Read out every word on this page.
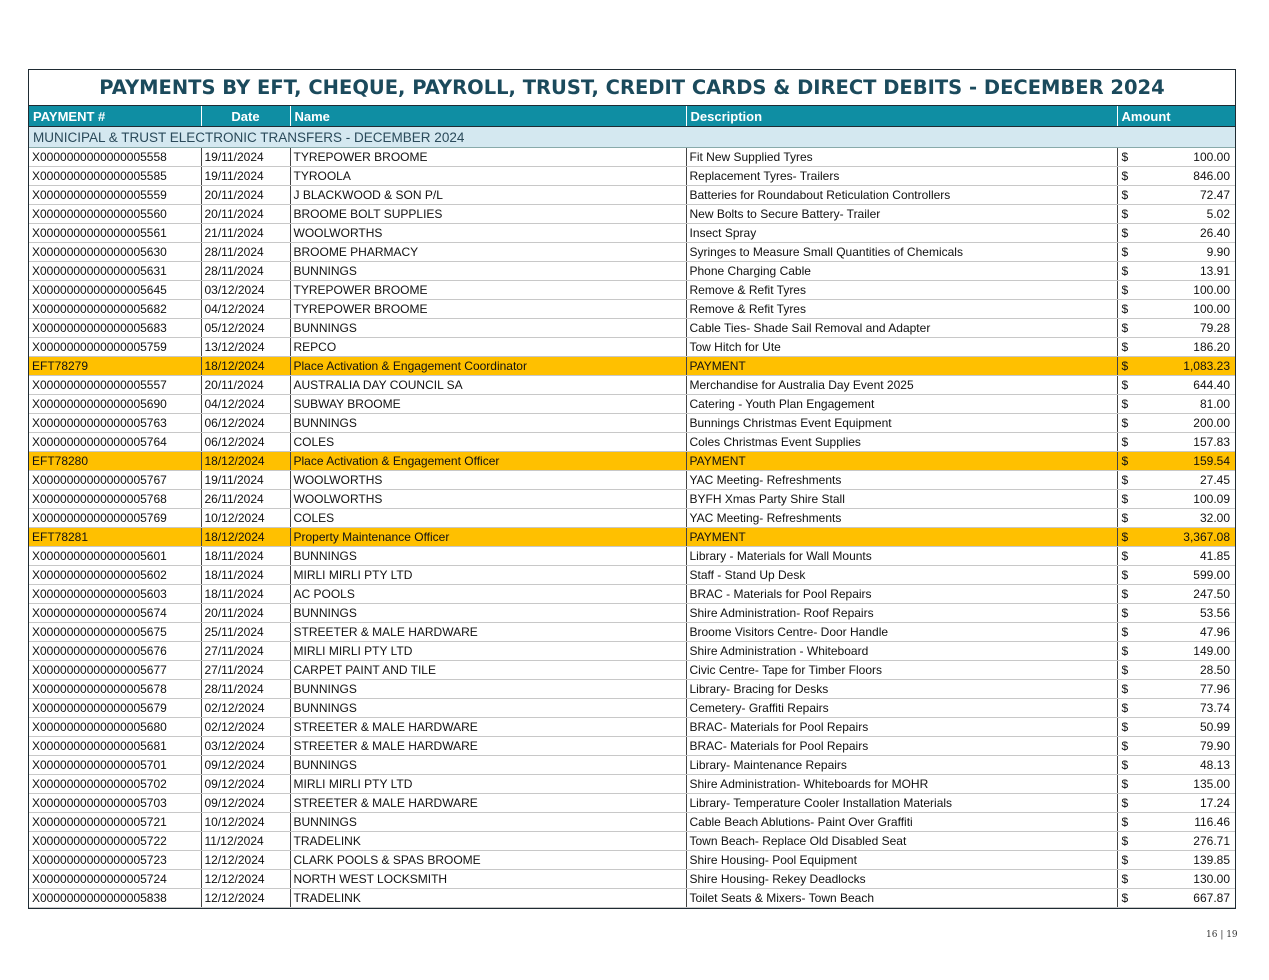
PAYMENTS BY EFT, CHEQUE, PAYROLL, TRUST, CREDIT CARDS & DIRECT DEBITS - DECEMBER 2024
PAYMENT #	Date	Name	Description	Amount
MUNICIPAL & TRUST ELECTRONIC TRANSFERS - DECEMBER 2024				
X0000000000000005558	19/11/2024	TYREPOWER BROOME	Fit New Supplied Tyres	$ 100.00

X0000000000000005585	19/11/2024	TYROOLA	Replacement Tyres- Trailers	$ 846.00

X0000000000000005559	20/11/2024	J BLACKWOOD & SON P/L	Batteries for Roundabout Reticulation Controllers	$ 72.47

X0000000000000005560	20/11/2024	BROOME BOLT SUPPLIES	New Bolts to Secure Battery- Trailer	$ 5.02

X0000000000000005561	21/11/2024	WOOLWORTHS	Insect Spray	$ 26.40

X0000000000000005630	28/11/2024	BROOME PHARMACY	Syringes to Measure Small Quantities of Chemicals	$ 9.90

X0000000000000005631	28/11/2024	BUNNINGS	Phone Charging Cable	$ 13.91

X0000000000000005645	03/12/2024	TYREPOWER BROOME	Remove & Refit Tyres	$ 100.00

X0000000000000005682	04/12/2024	TYREPOWER BROOME	Remove & Refit Tyres	$ 100.00

X0000000000000005683	05/12/2024	BUNNINGS	Cable Ties- Shade Sail Removal and Adapter	$ 79.28

X0000000000000005759	13/12/2024	REPCO	Tow Hitch for Ute	$ 186.20

EFT78279	18/12/2024	Place Activation & Engagement Coordinator	PAYMENT	$ 1,083.23

X0000000000000005557	20/11/2024	AUSTRALIA DAY COUNCIL SA	Merchandise for Australia Day Event 2025	$ 644.40

X0000000000000005690	04/12/2024	SUBWAY BROOME	Catering - Youth Plan Engagement	$ 81.00

X0000000000000005763	06/12/2024	BUNNINGS	Bunnings Christmas Event Equipment	$ 200.00

X0000000000000005764	06/12/2024	COLES	Coles Christmas Event Supplies	$ 157.83

EFT78280	18/12/2024	Place Activation & Engagement Officer	PAYMENT	$ 159.54

X0000000000000005767	19/11/2024	WOOLWORTHS	YAC Meeting- Refreshments	$ 27.45

X0000000000000005768	26/11/2024	WOOLWORTHS	BYFH Xmas Party Shire Stall	$ 100.09

X0000000000000005769	10/12/2024	COLES	YAC Meeting- Refreshments	$ 32.00

EFT78281	18/12/2024	Property Maintenance Officer	PAYMENT	$ 3,367.08

X0000000000000005601	18/11/2024	BUNNINGS	Library - Materials for Wall Mounts	$ 41.85

X0000000000000005602	18/11/2024	MIRLI MIRLI PTY LTD	Staff - Stand Up Desk	$ 599.00

X0000000000000005603	18/11/2024	AC POOLS	BRAC - Materials for Pool Repairs	$ 247.50

X0000000000000005674	20/11/2024	BUNNINGS	Shire Administration- Roof Repairs	$ 53.56

X0000000000000005675	25/11/2024	STREETER & MALE HARDWARE	Broome Visitors Centre- Door Handle	$ 47.96

X0000000000000005676	27/11/2024	MIRLI MIRLI PTY LTD	Shire Administration - Whiteboard	$ 149.00

X0000000000000005677	27/11/2024	CARPET PAINT AND TILE	Civic Centre- Tape for Timber Floors	$ 28.50

X0000000000000005678	28/11/2024	BUNNINGS	Library- Bracing for Desks	$ 77.96

X0000000000000005679	02/12/2024	BUNNINGS	Cemetery- Graffiti Repairs	$ 73.74

X0000000000000005680	02/12/2024	STREETER & MALE HARDWARE	BRAC- Materials for Pool Repairs	$ 50.99

X0000000000000005681	03/12/2024	STREETER & MALE HARDWARE	BRAC- Materials for Pool Repairs	$ 79.90

X0000000000000005701	09/12/2024	BUNNINGS	Library- Maintenance Repairs	$ 48.13

X0000000000000005702	09/12/2024	MIRLI MIRLI PTY LTD	Shire Administration- Whiteboards for MOHR	$ 135.00

X0000000000000005703	09/12/2024	STREETER & MALE HARDWARE	Library- Temperature Cooler Installation Materials	$ 17.24

X0000000000000005721	10/12/2024	BUNNINGS	Cable Beach Ablutions- Paint Over Graffiti	$ 116.46

X0000000000000005722	11/12/2024	TRADELINK	Town Beach- Replace Old Disabled Seat	$ 276.71

X0000000000000005723	12/12/2024	CLARK POOLS & SPAS BROOME	Shire Housing- Pool Equipment	$ 139.85

X0000000000000005724	12/12/2024	NORTH WEST LOCKSMITH	Shire Housing- Rekey Deadlocks	$ 130.00

X0000000000000005838	12/12/2024	TRADELINK	Toilet Seats & Mixers- Town Beach	$ 667.87
16 | 19
